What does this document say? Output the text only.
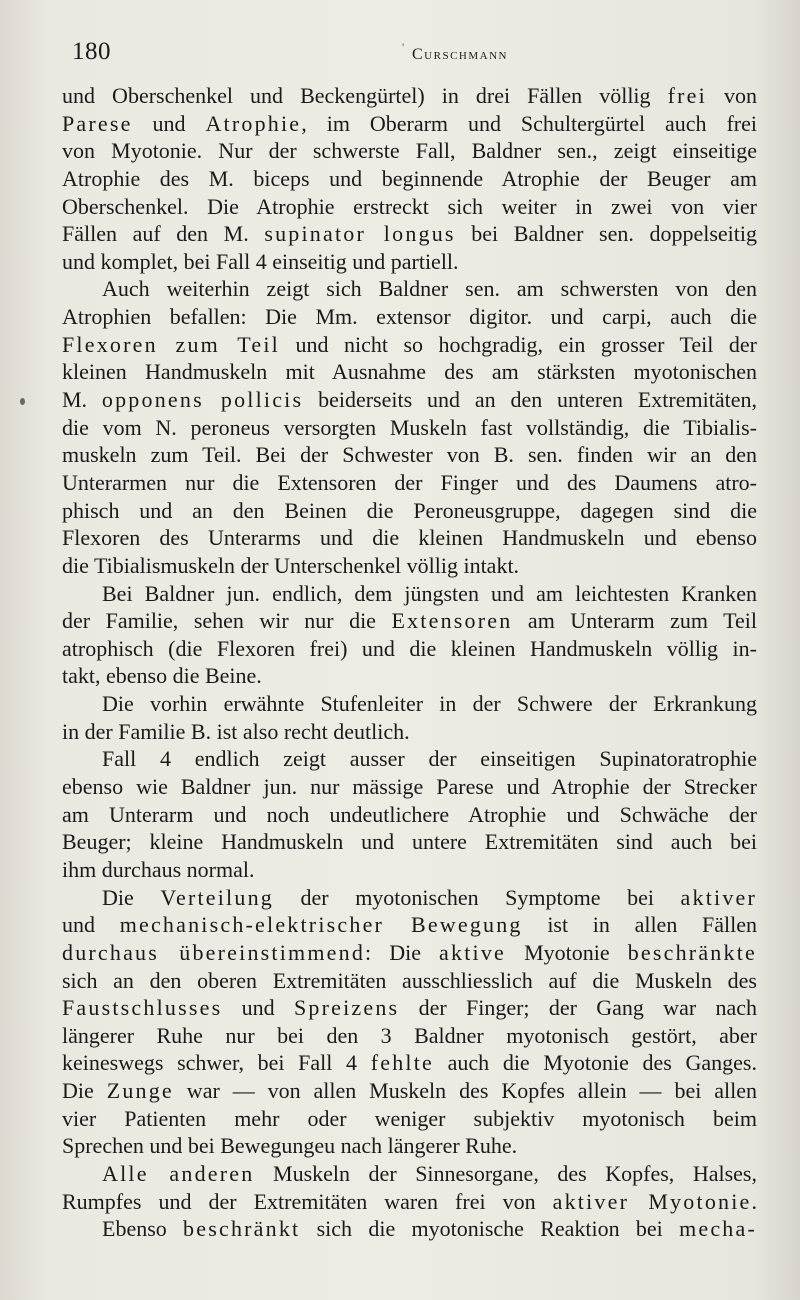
180	' Curschmann
und Oberschenkel und Beckengürtel) in drei Fällen völlig frei von
Parese und Atrophie, im Oberarm und Schultergürtel auch frei
von Myotonie. Nur der schwerste Fall, Baldner sen., zeigt einseitige
Atrophie des M. biceps und beginnende Atrophie der Beuger am
Oberschenkel. Die Atrophie erstreckt sich weiter in zwei von vier
Fällen auf den M. supinator longus bei Baldner sen. doppelseitig
und komplet, bei Fall 4 einseitig und partiell.
Auch weiterhin zeigt sich Baldner sen. am schwersten von den
Atrophien befallen: Die Mm. extensor digitor. und carpi, auch die
Flexoren zum Teil und nicht so hochgradig, ein grosser Teil der
kleinen Handmuskeln mit Ausnahme des am stärksten myotonischen
M. opponens pollicis beiderseits und an den unteren Extremitäten,
die vom N. peroneus versorgten Muskeln fast vollständig, die Tibialis-
muskeln zum Teil. Bei der Schwester von B. sen. finden wir an den
Unterarmen nur die Extensoren der Finger und des Daumens atro-
phisch und an den Beinen die Peroneusgruppe, dagegen sind die
Flexoren des Unterarms und die kleinen Handmuskeln und ebenso
die Tibialismuskeln der Unterschenkel völlig intakt.
Bei Baldner jun. endlich, dem jüngsten und am leichtesten Kranken
der Familie, sehen wir nur die Extensoren am Unterarm zum Teil
atrophisch (die Flexoren frei) und die kleinen Handmuskeln völlig in-
takt, ebenso die Beine.
Die vorhin erwähnte Stufenleiter in der Schwere der Erkrankung
in der Familie B. ist also recht deutlich.
Fall 4 endlich zeigt ausser der einseitigen Supinatoratrophie
ebenso wie Baldner jun. nur mässige Parese und Atrophie der Strecker
am Unterarm und noch undeutlichere Atrophie und Schwäche der
Beuger; kleine Handmuskeln und untere Extremitäten sind auch bei
ihm durchaus normal.
Die Verteilung der myotonischen Symptome bei aktiver
und mechanisch-elektrischer Bewegung ist in allen Fällen
durchaus übereinstimmend: Die aktive Myotonie beschränkte
sich an den oberen Extremitäten ausschliesslich auf die Muskeln des
Faustschlusses und Spreizens der Finger; der Gang war nach
längerer Ruhe nur bei den 3 Baldner myotonisch gestört, aber
keineswegs schwer, bei Fall 4 fehlte auch die Myotonie des Ganges.
Die Zunge war — von allen Muskeln des Kopfes allein — bei allen
vier Patienten mehr oder weniger subjektiv myotonisch beim
Sprechen und bei Bewegungeu nach längerer Ruhe.
Alle anderen Muskeln der Sinnesorgane, des Kopfes, Halses,
Rumpfes und der Extremitäten waren frei von aktiver Myotonie.
Ebenso beschränkt sich die myotonische Reaktion bei mecha-
